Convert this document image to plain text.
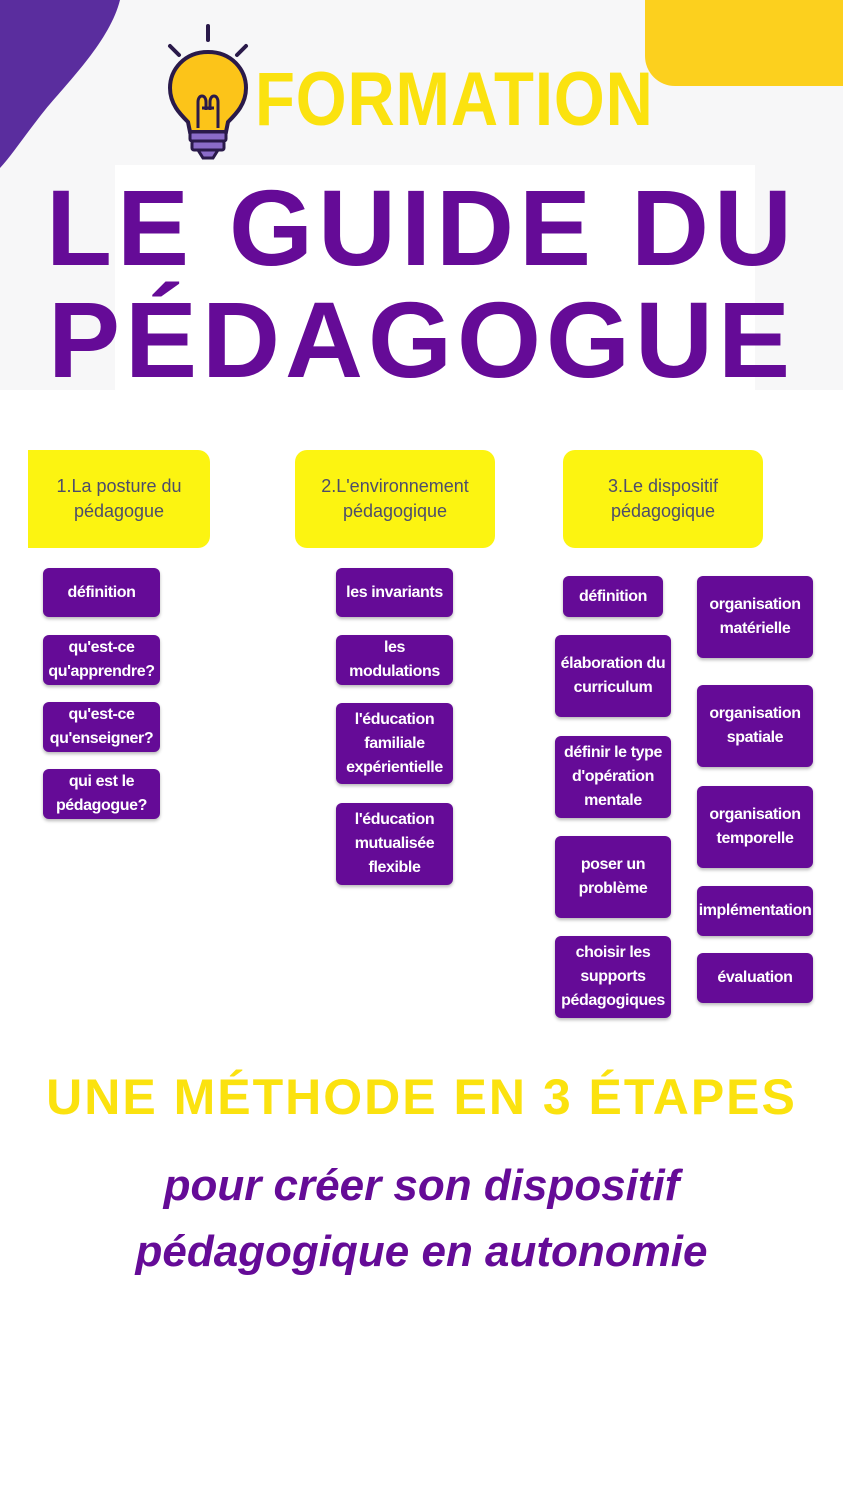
FORMATION
LE GUIDE DU
PÉDAGOGUE
1.La posture du pédagogue
2.L'environnement pédagogique
3.Le dispositif pédagogique
définition
qu'est-ce qu'apprendre?
qu'est-ce qu'enseigner?
qui est le pédagogue?
les invariants
les modulations
l'éducation familiale expérientielle
l'éducation mutualisée flexible
définition
élaboration du curriculum
définir le type d'opération mentale
poser un problème
choisir les supports pédagogiques
organisation matérielle
organisation spatiale
organisation temporelle
implémentation
évaluation
UNE MÉTHODE EN 3 ÉTAPES
pour créer son dispositif
pédagogique en autonomie
